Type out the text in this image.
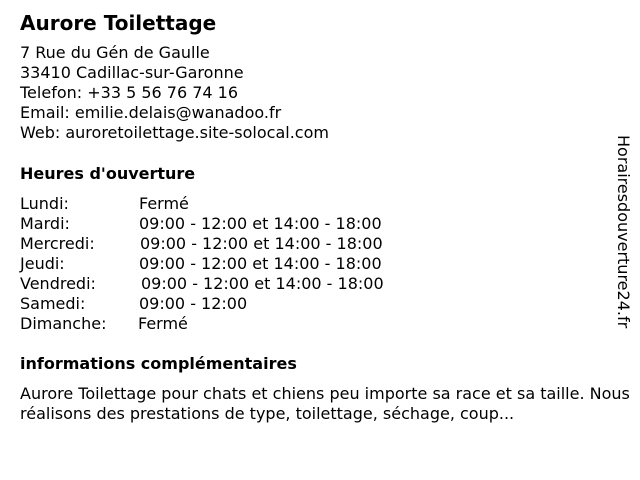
Aurore Toilettage
7 Rue du Gén de Gaulle
33410 Cadillac-sur-Garonne
Telefon: +33 5 56 76 74 16
Email: emilie.delais@wanadoo.fr
Web: auroretoilettage.site-solocal.com
Heures d'ouverture
Lundi:	Fermé
Mardi:	09:00 - 12:00 et 14:00 - 18:00
Mercredi:	09:00 - 12:00 et 14:00 - 18:00
Jeudi:	09:00 - 12:00 et 14:00 - 18:00
Vendredi:	09:00 - 12:00 et 14:00 - 18:00
Samedi:	09:00 - 12:00
Dimanche: Fermé
informations complémentaires

Aurore Toilettage pour chats et chiens peu importe sa race et sa taille. Nous réalisons des prestations de type, toilettage, séchage, coup...

Horairesdouverture24.fr
